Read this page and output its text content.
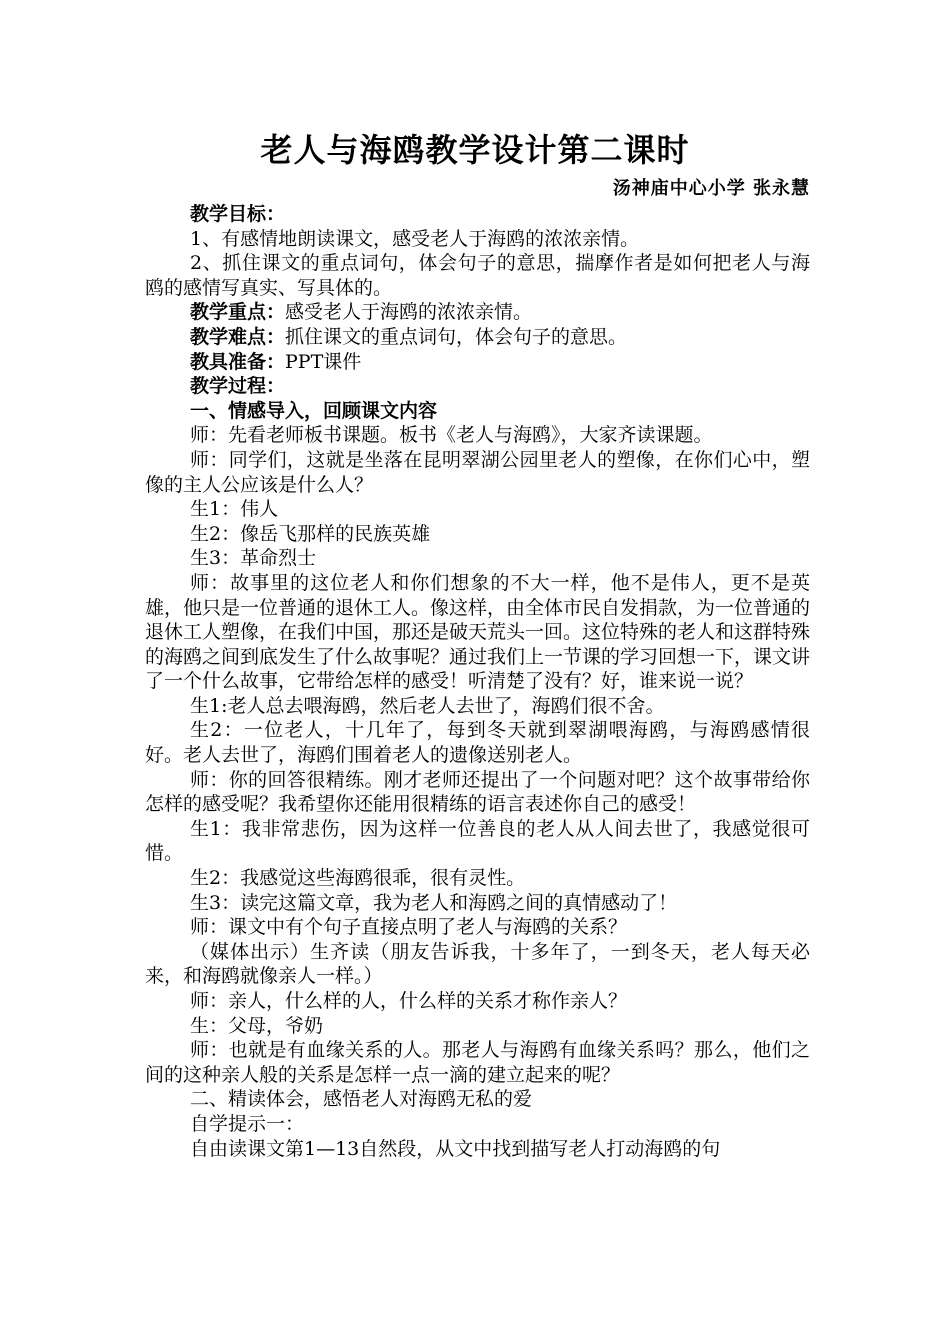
老人与海鸥教学设计第二课时
汤神庙中心小学 张永慧

教学目标：

1、有感情地朗读课文，感受老人于海鸥的浓浓亲情。

2、抓住课文的重点词句，体会句子的意思，揣摩作者是如何把老人与海鸥的感情写真实、写具体的。

教学重点：感受老人于海鸥的浓浓亲情。

教学难点：抓住课文的重点词句，体会句子的意思。

教具准备：PPT课件

教学过程：

一、情感导入，回顾课文内容

师：先看老师板书课题。板书《老人与海鸥》，大家齐读课题。

师：同学们，这就是坐落在昆明翠湖公园里老人的塑像，在你们心中，塑像的主人公应该是什么人？

生1：伟人

生2：像岳飞那样的民族英雄

生3：革命烈士

师：故事里的这位老人和你们想象的不大一样，他不是伟人，更不是英雄，他只是一位普通的退休工人。像这样，由全体市民自发捐款，为一位普通的退休工人塑像，在我们中国，那还是破天荒头一回。这位特殊的老人和这群特殊的海鸥之间到底发生了什么故事呢？通过我们上一节课的学习回想一下，课文讲了一个什么故事，它带给怎样的感受！听清楚了没有？好，谁来说一说？

生1:老人总去喂海鸥，然后老人去世了，海鸥们很不舍。

生2：一位老人，十几年了，每到冬天就到翠湖喂海鸥，与海鸥感情很好。老人去世了，海鸥们围着老人的遗像送别老人。

师：你的回答很精练。刚才老师还提出了一个问题对吧？这个故事带给你怎样的感受呢？我希望你还能用很精练的语言表述你自己的感受！

生1：我非常悲伤，因为这样一位善良的老人从人间去世了，我感觉很可惜。

生2：我感觉这些海鸥很乖，很有灵性。

生3：读完这篇文章，我为老人和海鸥之间的真情感动了！

师：课文中有个句子直接点明了老人与海鸥的关系？

（媒体出示）生齐读（朋友告诉我，十多年了，一到冬天，老人每天必来，和海鸥就像亲人一样。）

师：亲人，什么样的人，什么样的关系才称作亲人？

生：父母，爷奶

师：也就是有血缘关系的人。那老人与海鸥有血缘关系吗？那么，他们之间的这种亲人般的关系是怎样一点一滴的建立起来的呢？

二、精读体会，感悟老人对海鸥无私的爱

自学提示一：

自由读课文第1—13自然段，从文中找到描写老人打动海鸥的句
